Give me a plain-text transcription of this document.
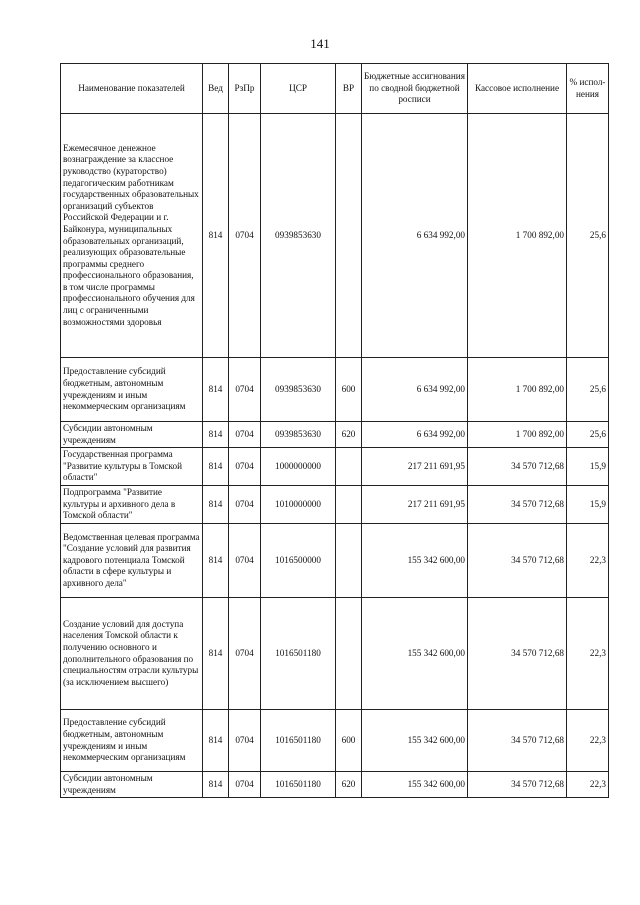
141
Наименование показателей	Вед	РзПр	ЦСР	ВР	Бюджетные ассигнования по сводной бюджетной росписи	Кассовое исполнение	% испол-нения
Ежемесячное денежное вознаграждение за классное руководство (кураторство) педагогическим работникам государственных образовательных организаций субъектов Российской Федерации и г. Байконура, муниципальных образовательных организаций, реализующих образовательные программы среднего профессионального образования, в том числе программы профессионального обучения для лиц с ограниченными возможностями здоровья	814	0704	0939853630		6 634 992,00	1 700 892,00	25,6
Предоставление субсидий бюджетным, автономным учреждениям и иным некоммерческим организациям	814	0704	0939853630	600	6 634 992,00	1 700 892,00	25,6
Субсидии автономным учреждениям	814	0704	0939853630	620	6 634 992,00	1 700 892,00	25,6
Государственная программа "Развитие культуры в Томской области"	814	0704	1000000000		217 211 691,95	34 570 712,68	15,9
Подпрограмма "Развитие культуры и архивного дела в Томской области"	814	0704	1010000000		217 211 691,95	34 570 712,68	15,9
Ведомственная целевая программа "Создание условий для развития кадрового потенциала Томской области в сфере культуры и архивного дела"	814	0704	1016500000		155 342 600,00	34 570 712,68	22,3
Создание условий для доступа населения Томской области к получению основного и дополнительного образования по специальностям отрасли культуры (за исключением высшего)	814	0704	1016501180		155 342 600,00	34 570 712,68	22,3
Предоставление субсидий бюджетным, автономным учреждениям и иным некоммерческим организациям	814	0704	1016501180	600	155 342 600,00	34 570 712,68	22,3
Субсидии автономным учреждениям	814	0704	1016501180	620	155 342 600,00	34 570 712,68	22,3
